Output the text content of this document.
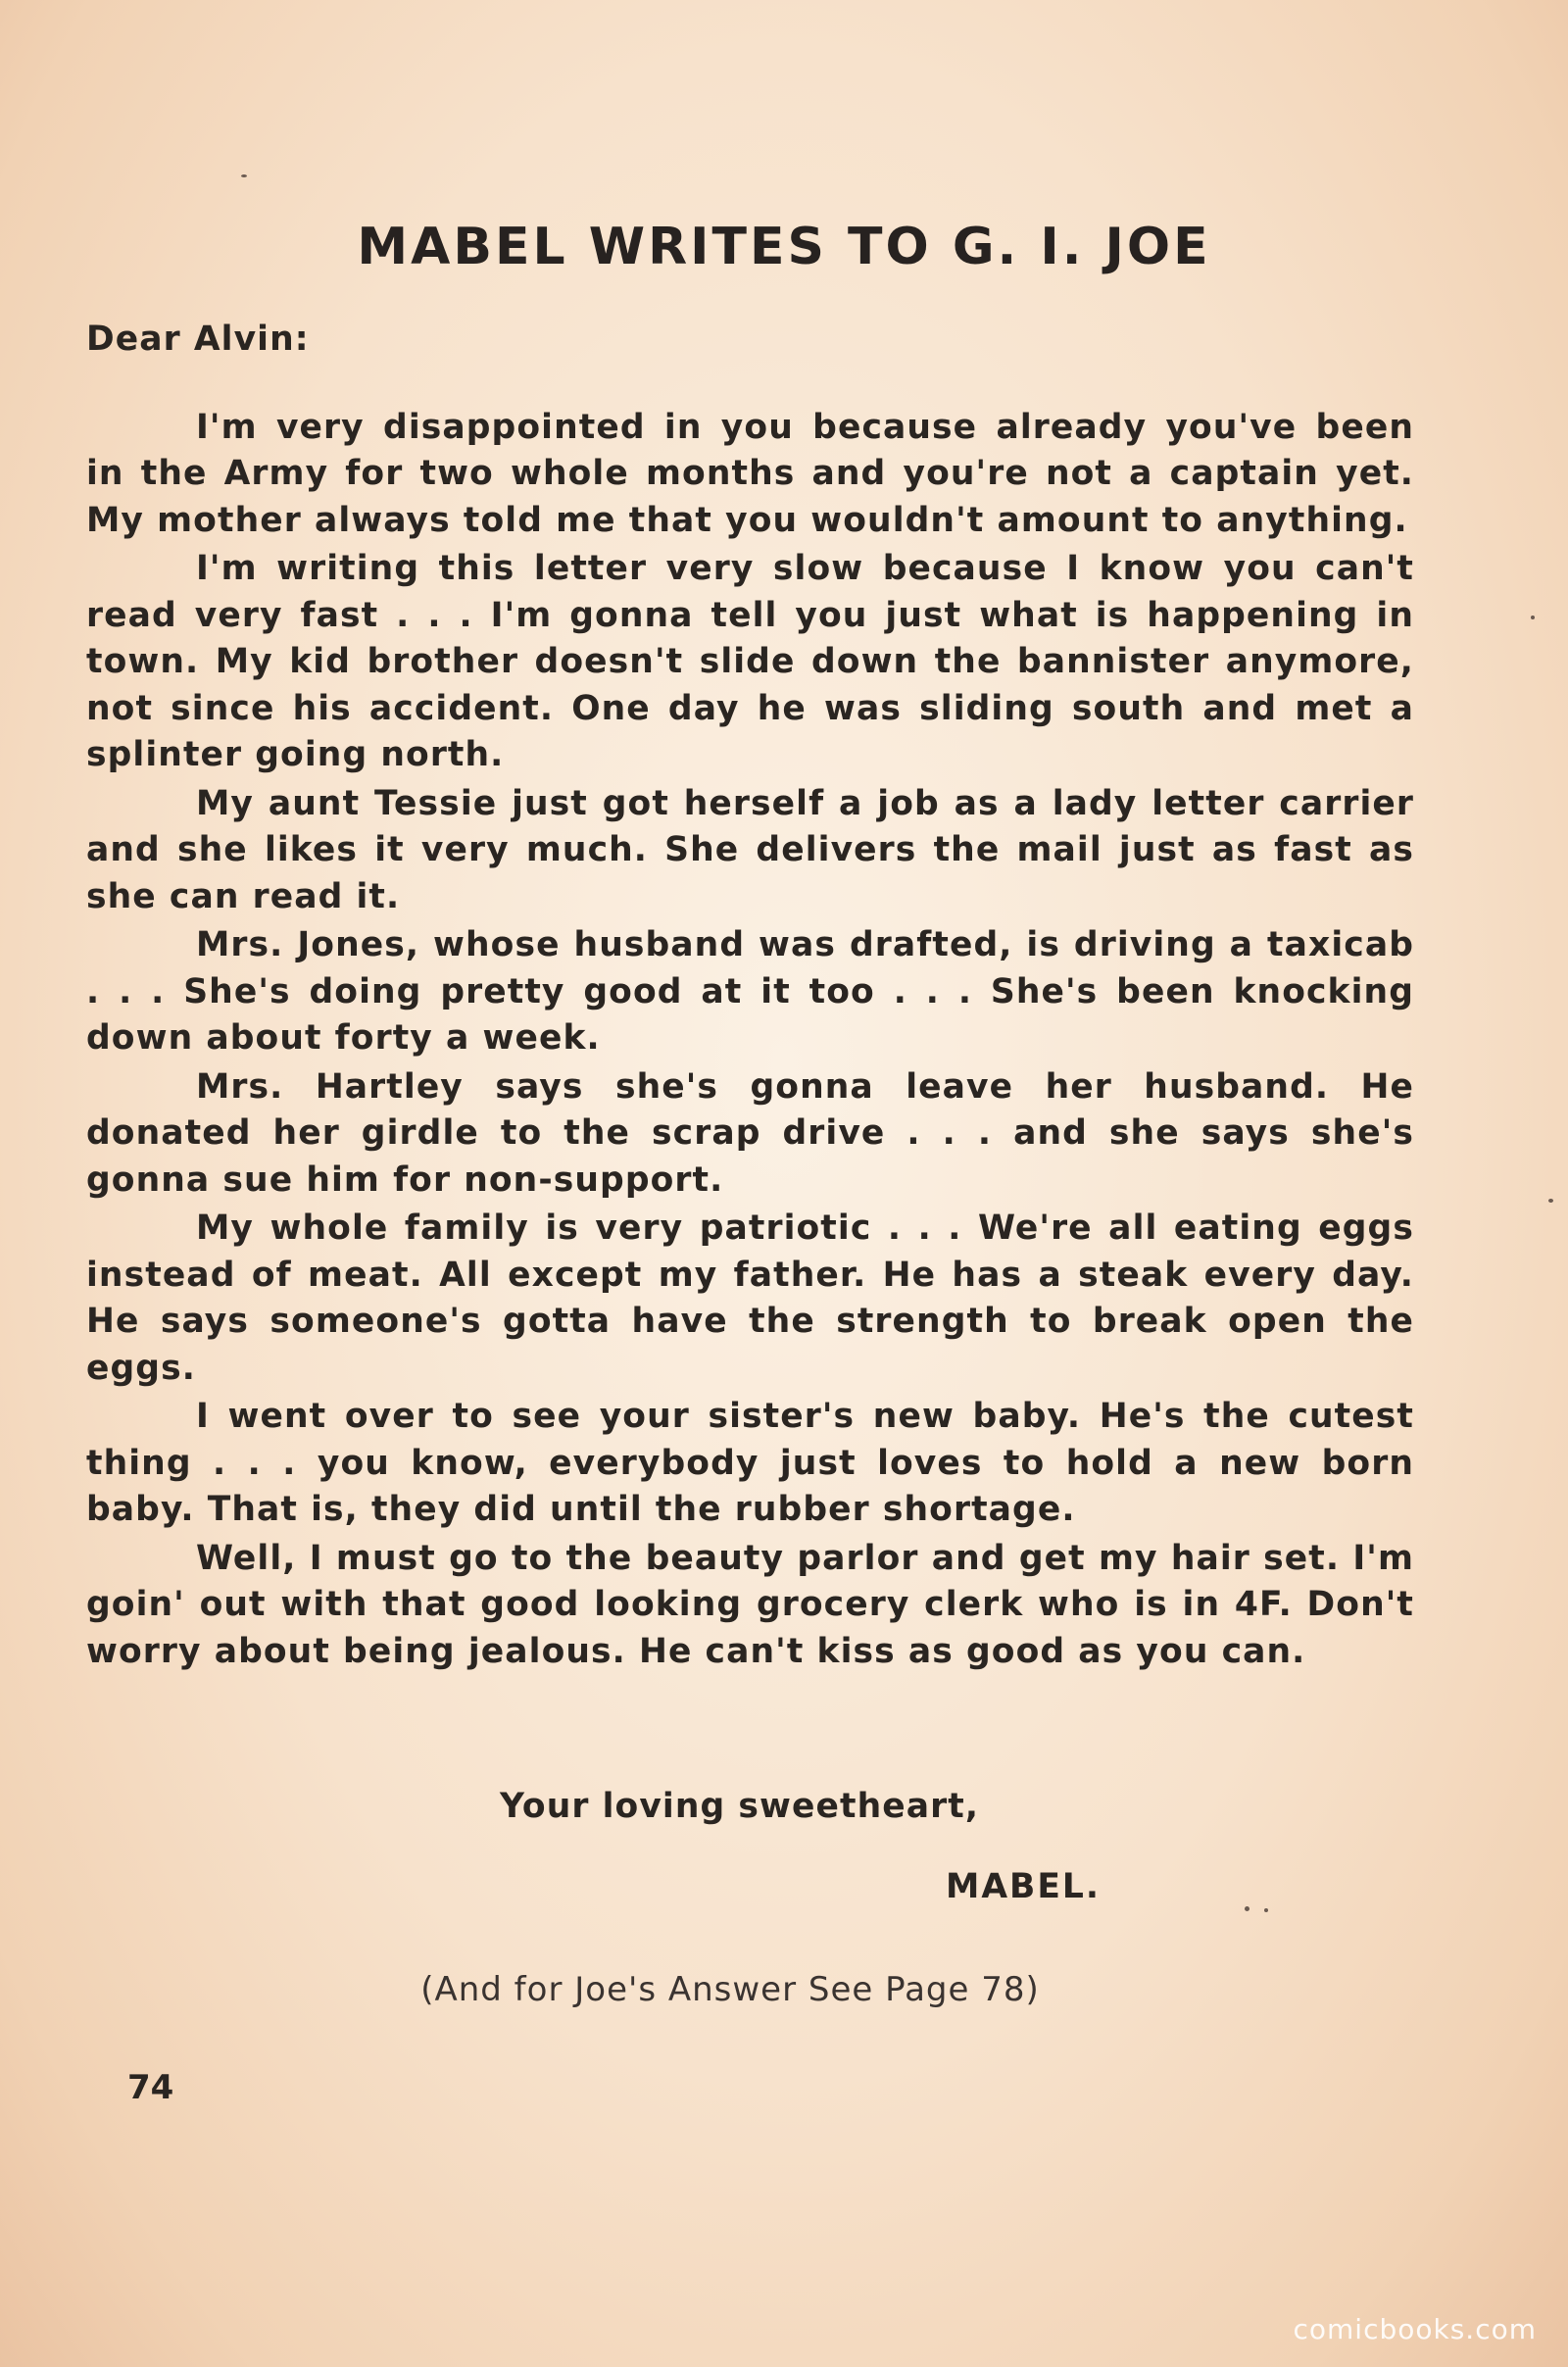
MABEL WRITES TO G. I. JOE

Dear Alvin:

I'm very disappointed in you because already you've been in the Army for two whole months and you're not a captain yet. My mother always told me that you wouldn't amount to anything.

I'm writing this letter very slow because I know you can't read very fast . . . I'm gonna tell you just what is happening in town. My kid brother doesn't slide down the bannister anymore, not since his accident. One day he was sliding south and met a splinter going north.

My aunt Tessie just got herself a job as a lady letter carrier and she likes it very much. She delivers the mail just as fast as she can read it.

Mrs. Jones, whose husband was drafted, is driving a taxicab . . . She's doing pretty good at it too . . . She's been knocking down about forty a week.

Mrs. Hartley says she's gonna leave her husband. He donated her girdle to the scrap drive . . . and she says she's gonna sue him for non-support.

My whole family is very patriotic . . . We're all eating eggs instead of meat. All except my father. He has a steak every day. He says someone's gotta have the strength to break open the eggs.

I went over to see your sister's new baby. He's the cutest thing . . . you know, everybody just loves to hold a new born baby. That is, they did until the rubber shortage.

Well, I must go to the beauty parlor and get my hair set. I'm goin' out with that good looking grocery clerk who is in 4F. Don't worry about being jealous. He can't kiss as good as you can.

Your loving sweetheart,
MABEL.
(And for Joe's Answer See Page 78)
74
comicbooks.com
